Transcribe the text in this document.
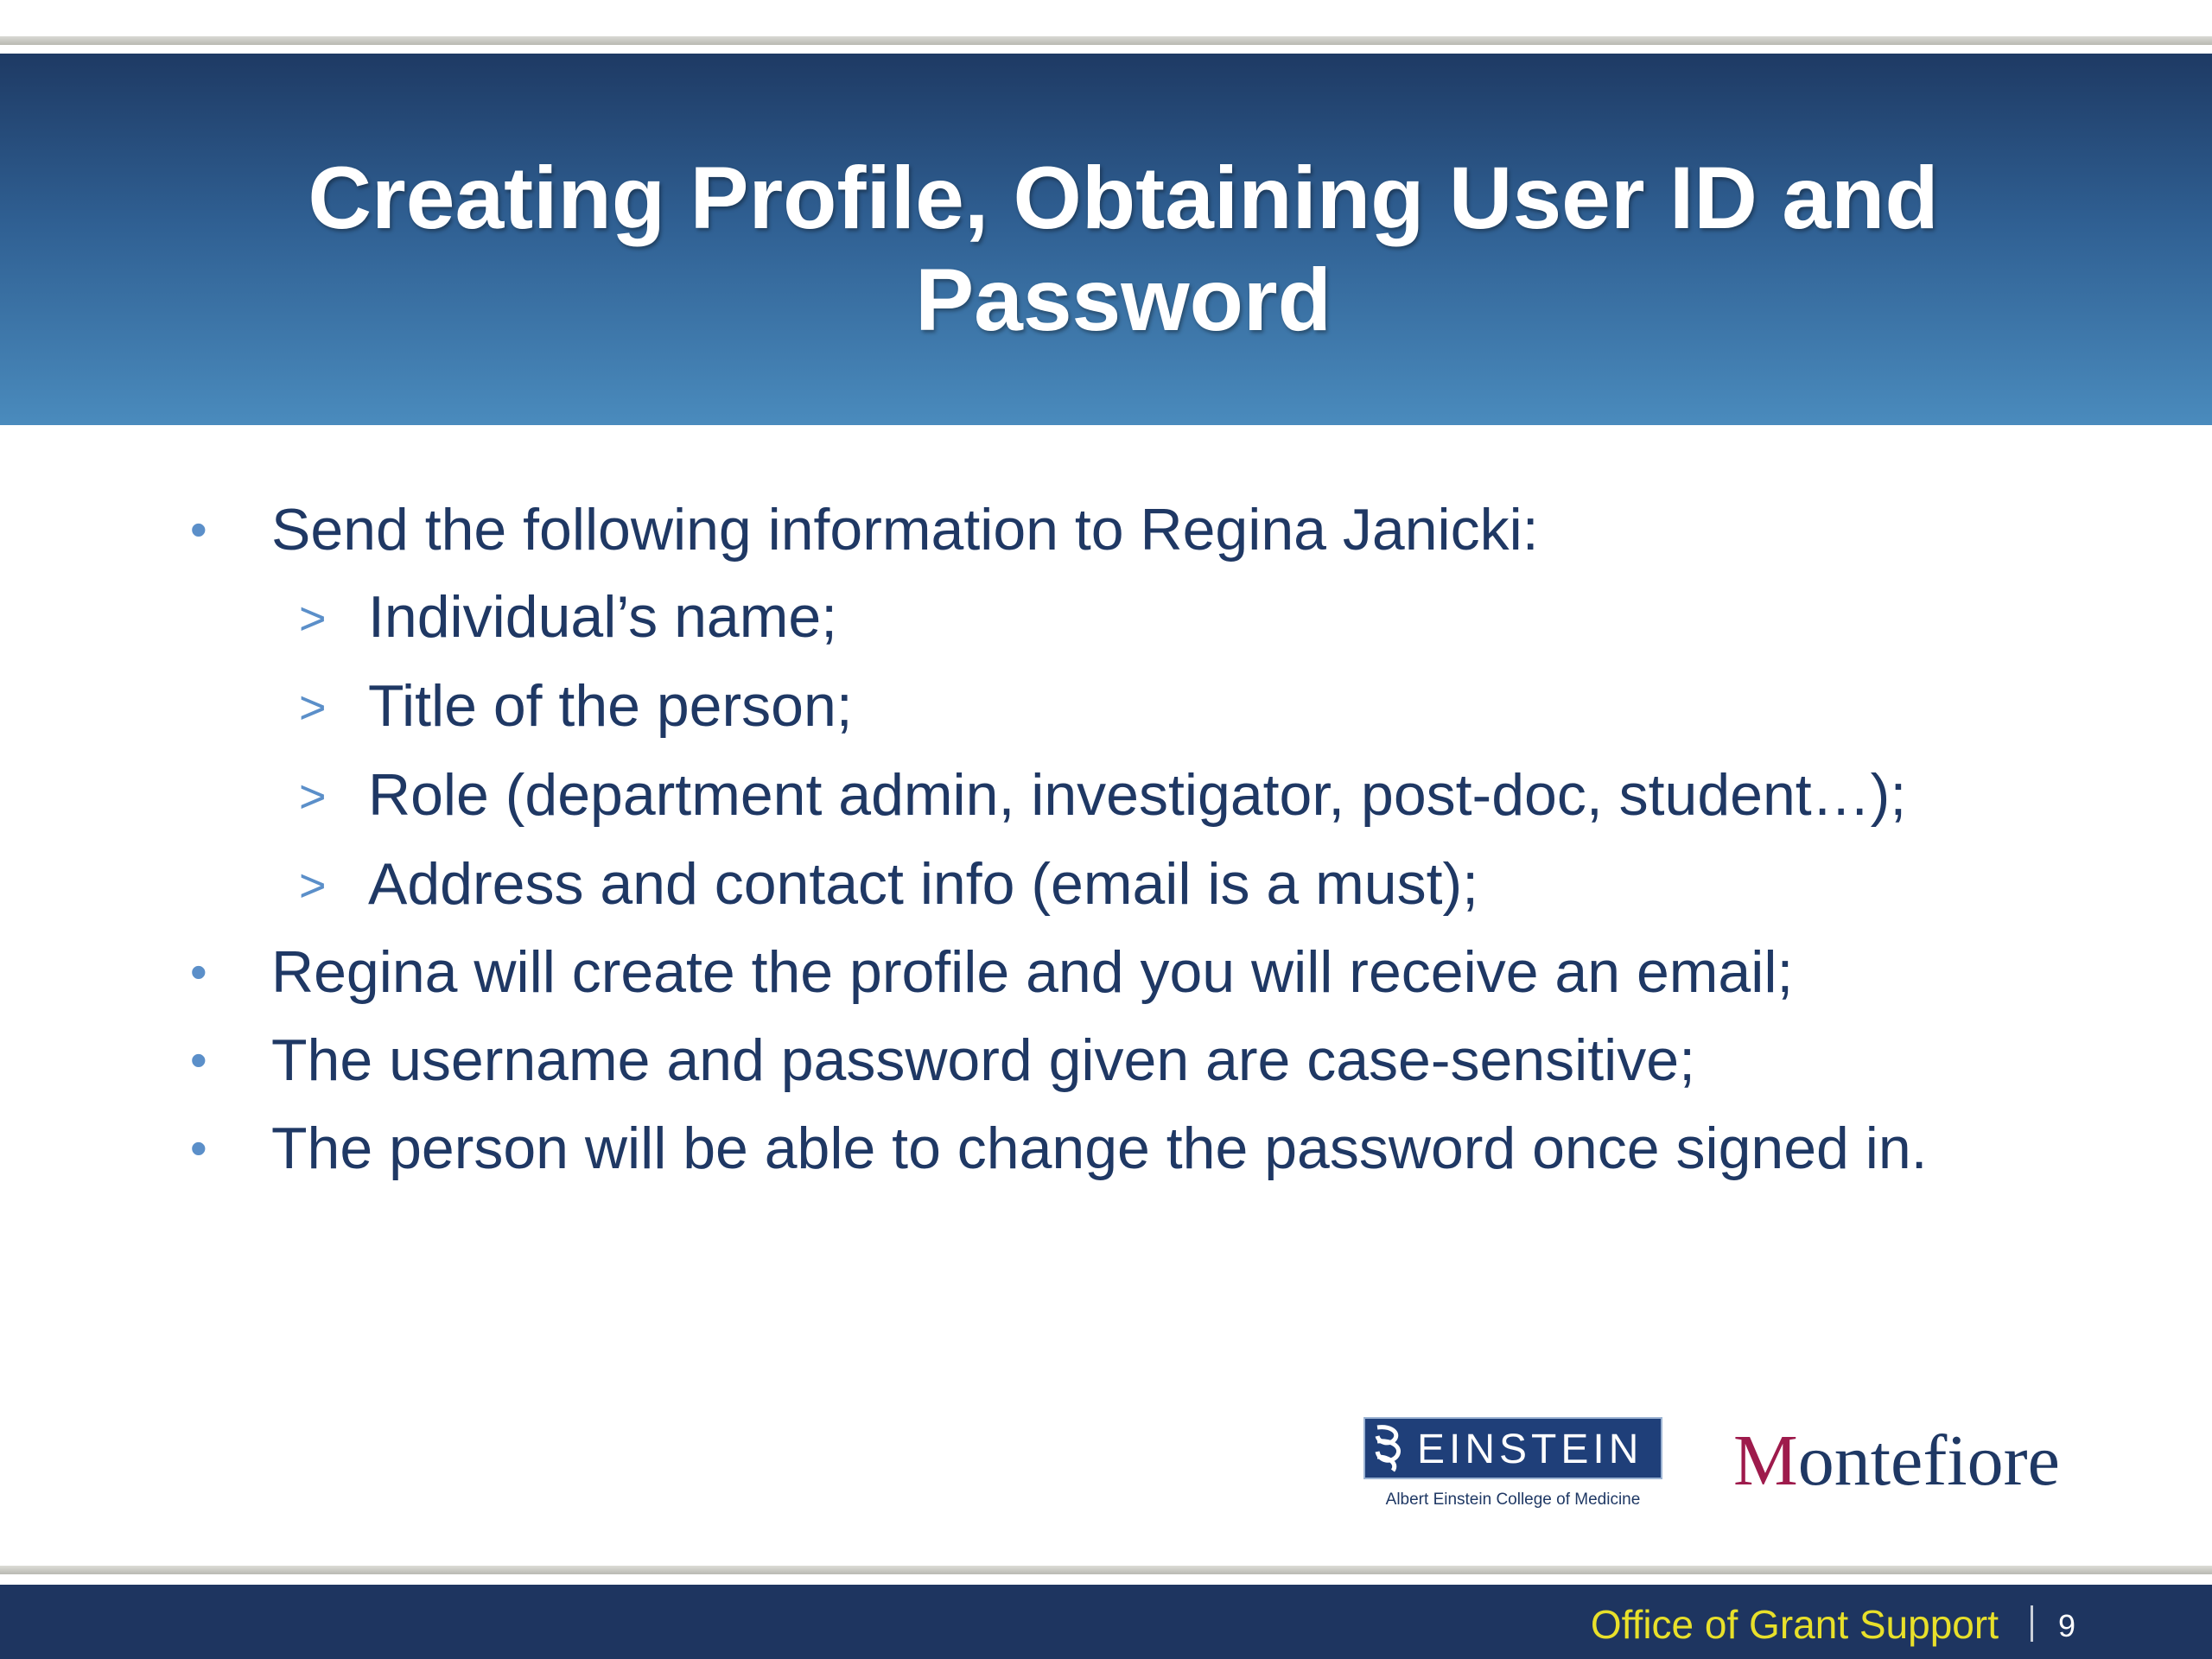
Creating Profile, Obtaining User ID and
Password
• Send the following information to Regina Janicki:
> Individual’s name;
> Title of the person;
> Role (department admin, investigator, post-doc, student…);
> Address and contact info (email is a must);
• Regina will create the profile and you will receive an email;
• The username and password given are case-sensitive;
• The person will be able to change the password once signed in.
EINSTEIN
Albert Einstein College of Medicine	Montefiore
Office of Grant Support 9
